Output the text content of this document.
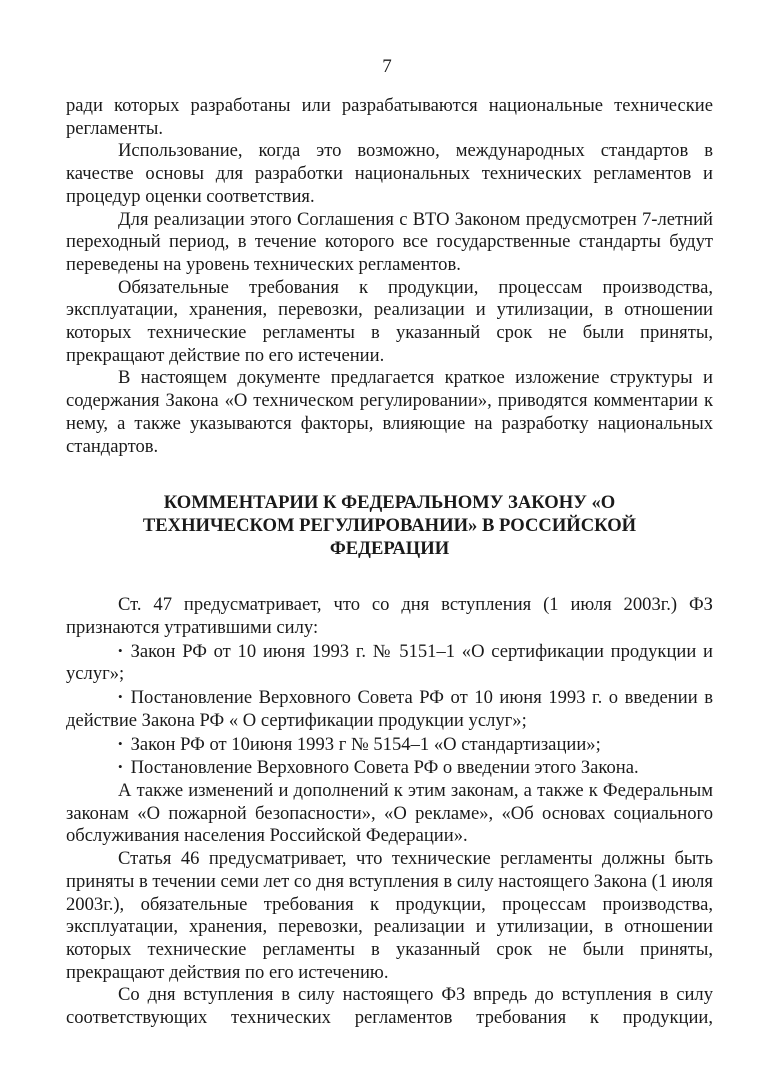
7

ради которых разработаны или разрабатываются национальные технические регламенты.

Использование, когда это возможно, международных стандартов в качестве основы для разработки национальных технических регламентов и процедур оценки соответствия.

Для реализации этого Соглашения с ВТО Законом предусмотрен 7-летний переходный период, в течение которого все государственные стандарты будут переведены на уровень технических регламентов.

Обязательные требования к продукции, процессам производства, эксплуатации, хранения, перевозки, реализации и утилизации, в отношении которых технические регламенты в указанный срок не были приняты, прекращают действие по его истечении.

В настоящем документе предлагается краткое изложение структуры и содержания Закона «О техническом регулировании», приводятся комментарии к нему, а также указываются факторы, влияющие на разработку национальных стандартов.

КОММЕНТАРИИ К ФЕДЕРАЛЬНОМУ ЗАКОНУ «О ТЕХНИЧЕСКОМ РЕГУЛИРОВАНИИ» В РОССИЙСКОЙ ФЕДЕРАЦИИ

Ст. 47 предусматривает, что со дня вступления (1 июля 2003г.) ФЗ признаются утратившими силу:

• Закон РФ от 10 июня 1993 г. № 5151–1 «О сертификации продукции и услуг»;

• Постановление Верховного Совета РФ от 10 июня 1993 г. о введении в действие Закона РФ « О сертификации продукции услуг»;

• Закон РФ от 10июня 1993 г № 5154–1 «О стандартизации»;

• Постановление Верховного Совета РФ о введении этого Закона.

А также изменений и дополнений к этим законам, а также к Федеральным законам «О пожарной безопасности», «О рекламе», «Об основах социального обслуживания населения Российской Федерации».

Статья 46 предусматривает, что технические регламенты должны быть приняты в течении семи лет со дня вступления в силу настоящего Закона (1 июля 2003г.), обязательные требования к продукции, процессам производства, эксплуатации, хранения, перевозки, реализации и утилизации, в отношении которых технические регламенты в указанный срок не были приняты, прекращают действия по его истечению.

Со дня вступления в силу настоящего ФЗ впредь до вступления в силу соответствующих технических регламентов требования к продукции,
